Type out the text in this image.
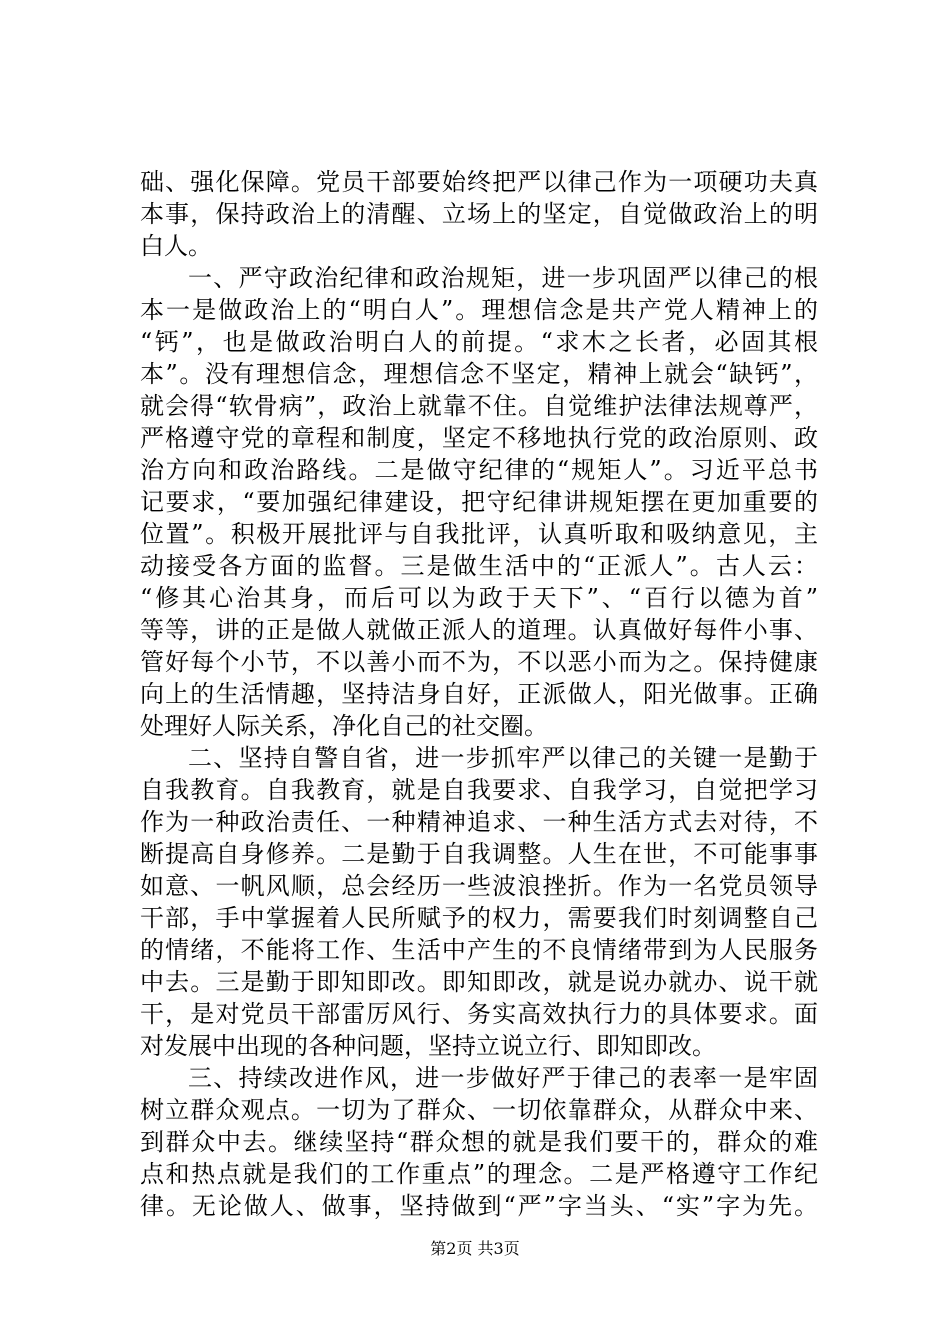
础、强化保障。党员干部要始终把严以律己作为一项硬功夫真
本事，保持政治上的清醒、立场上的坚定，自觉做政治上的明
白人。
一、严守政治纪律和政治规矩，进一步巩固严以律己的根
本一是做政治上的“明白人”。理想信念是共产党人精神上的
“钙”，也是做政治明白人的前提。“求木之长者，必固其根
本”。没有理想信念，理想信念不坚定，精神上就会“缺钙”，
就会得“软骨病”，政治上就靠不住。自觉维护法律法规尊严，
严格遵守党的章程和制度，坚定不移地执行党的政治原则、政
治方向和政治路线。二是做守纪律的“规矩人”。习近平总书
记要求，“要加强纪律建设，把守纪律讲规矩摆在更加重要的
位置”。积极开展批评与自我批评，认真听取和吸纳意见，主
动接受各方面的监督。三是做生活中的“正派人”。古人云：
“修其心治其身，而后可以为政于天下”、“百行以德为首”
等等，讲的正是做人就做正派人的道理。认真做好每件小事、
管好每个小节，不以善小而不为，不以恶小而为之。保持健康
向上的生活情趣，坚持洁身自好，正派做人，阳光做事。正确
处理好人际关系，净化自己的社交圈。
二、坚持自警自省，进一步抓牢严以律己的关键一是勤于
自我教育。自我教育，就是自我要求、自我学习，自觉把学习
作为一种政治责任、一种精神追求、一种生活方式去对待，不
断提高自身修养。二是勤于自我调整。人生在世，不可能事事
如意、一帆风顺，总会经历一些波浪挫折。作为一名党员领导
干部，手中掌握着人民所赋予的权力，需要我们时刻调整自己
的情绪，不能将工作、生活中产生的不良情绪带到为人民服务
中去。三是勤于即知即改。即知即改，就是说办就办、说干就
干，是对党员干部雷厉风行、务实高效执行力的具体要求。面
对发展中出现的各种问题，坚持立说立行、即知即改。
三、持续改进作风，进一步做好严于律己的表率一是牢固
树立群众观点。一切为了群众、一切依靠群众，从群众中来、
到群众中去。继续坚持“群众想的就是我们要干的，群众的难
点和热点就是我们的工作重点”的理念。二是严格遵守工作纪
律。无论做人、做事，坚持做到“严”字当头、“实”字为先。
第2页 共3页
